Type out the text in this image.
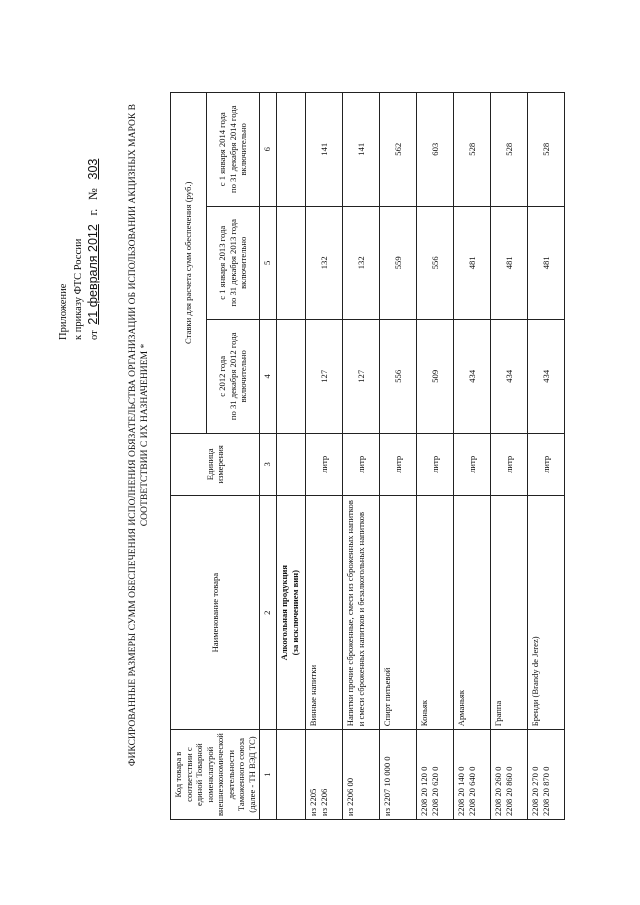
Приложение к приказу ФТС России от 21 февраля 2012 г. № 303	ФИКСИРОВАННЫЕ РАЗМЕРЫ СУММ ОБЕСПЕЧЕНИЯ ИСПОЛНЕНИЯ ОБЯЗАТЕЛЬСТВА ОРГАНИЗАЦИИ ОБ ИСПОЛЬЗОВАНИИ АКЦИЗНЫХ МАРОК В СООТВЕТСТВИИ С ИХ НАЗНАЧЕНИЕМ *
Код товара в соответствии с единой Товарной номенклатурой внешнеэкономической деятельности Таможенного союза (далее - ТН ВЭД ТС)	Наименование товара	Единица измерения	Ставки для расчета сумм обеспечения (руб.)		

			с 2012 года по 31 декабря 2012 года включительно	с 1 января 2013 года по 31 декабря 2013 года включительно	с 1 января 2014 года по 31 декабря 2014 года включительно

1	2	3	4	5	6

	Алкогольная продукция (за исключением вин)				

из 2205 из 2206	Винные напитки	литр	127	132	141

из 2206 00	Напитки прочие сброженные, смеси из сброженных напитков и смеси сброженных напитков и безалкогольных напитков	литр	127	132	141

из 2207 10 000 0	Спирт питьевой	литр	556	559	562

2208 20 120 0 2208 20 620 0	Коньяк	литр	509	556	603

2208 20 140 0 2208 20 640 0	Арманьяк	литр	434	481	528

2208 20 260 0 2208 20 860 0	Граппа	литр	434	481	528

2208 20 270 0 2208 20 870 0	Бренди (Brandy de Jerez)	литр	434	481	528
